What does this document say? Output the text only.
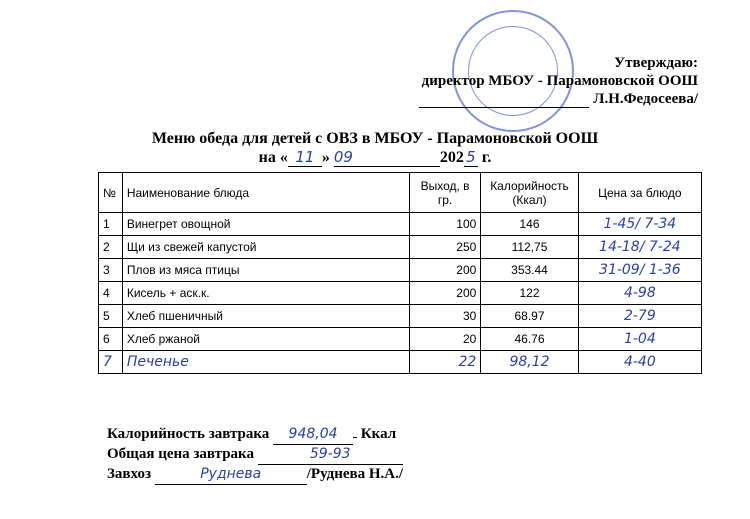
Утверждаю:
директор МБОУ - Парамоновской ООШ
Л.Н.Федосеева/
Меню обеда для детей с ОВЗ в МБОУ - Парамоновской ООШ
на « 11 » 09	202 5 г.
№	Наименование блюда	Выход, в гр.	Калорийность (Ккал)	Цена за блюдо
1	Винегрет овощной	100	146	1-45/ 7-34
2	Щи из свежей капустой	250	112,75	14-18/ 7-24
3	Плов из мяса птицы	200	353.44	31-09/ 1-36
4	Кисель + аск.к.	200	122	4-98
5	Хлеб пшеничный	30	68.97	2-79
6	Хлеб ржаной	20	46.76	1-04
7	Печенье	22	98,12	4-40
Калорийность завтрака 948,04 Ккал
Общая цена завтрака	59-93
Завхоз	Руднева	/Руднева Н.А./
